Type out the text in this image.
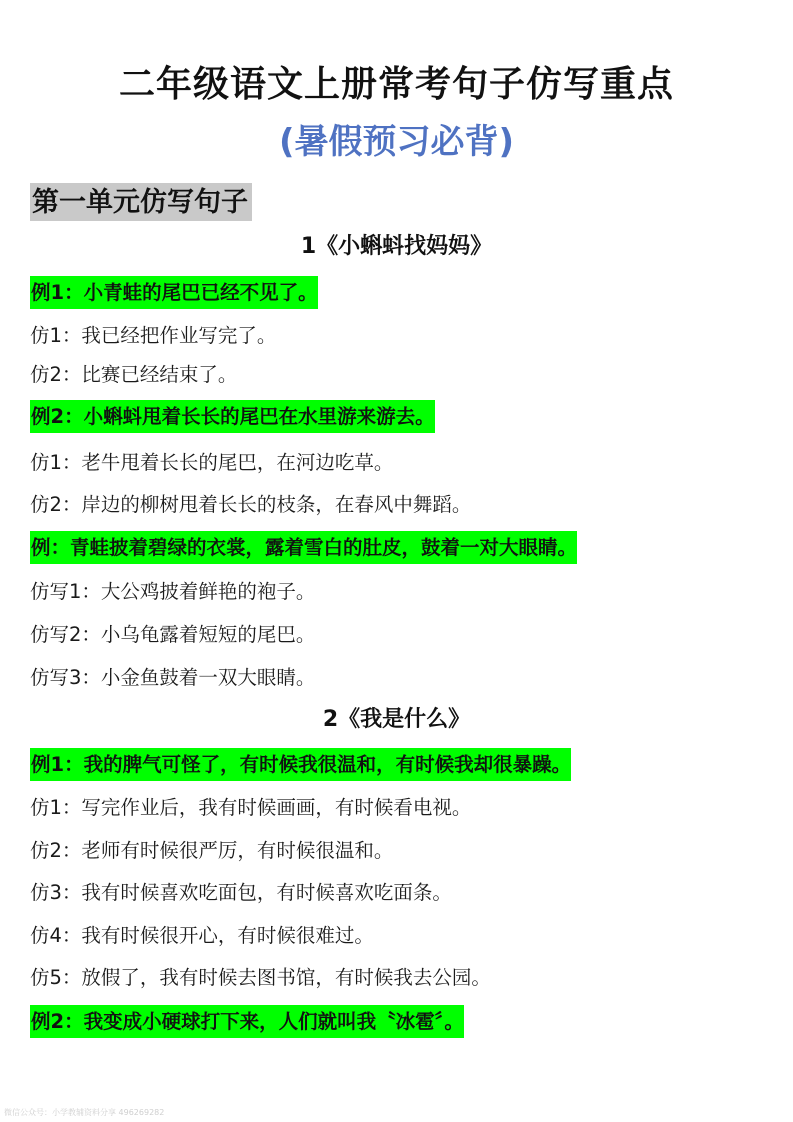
二年级语文上册常考句子仿写重点
(暑假预习必背)
第一单元仿写句子
1《小蝌蚪找妈妈》
例1：小青蛙的尾巴已经不见了。
仿1：我已经把作业写完了。
仿2：比赛已经结束了。
例2：小蝌蚪甩着长长的尾巴在水里游来游去。
仿1：老牛甩着长长的尾巴，在河边吃草。
仿2：岸边的柳树甩着长长的枝条，在春风中舞蹈。
例：青蛙披着碧绿的衣裳，露着雪白的肚皮，鼓着一对大眼睛。
仿写1：大公鸡披着鲜艳的袍子。
仿写2：小乌龟露着短短的尾巴。
仿写3：小金鱼鼓着一双大眼睛。
2《我是什么》
例1：我的脾气可怪了，有时候我很温和，有时候我却很暴躁。
仿1：写完作业后，我有时候画画，有时候看电视。
仿2：老师有时候很严厉，有时候很温和。
仿3：我有时候喜欢吃面包，有时候喜欢吃面条。
仿4：我有时候很开心，有时候很难过。
仿5：放假了，我有时候去图书馆，有时候我去公园。
例2：我变成小硬球打下来，人们就叫我〝冰雹〞。
微信公众号：小学教辅资料分享 496269282
